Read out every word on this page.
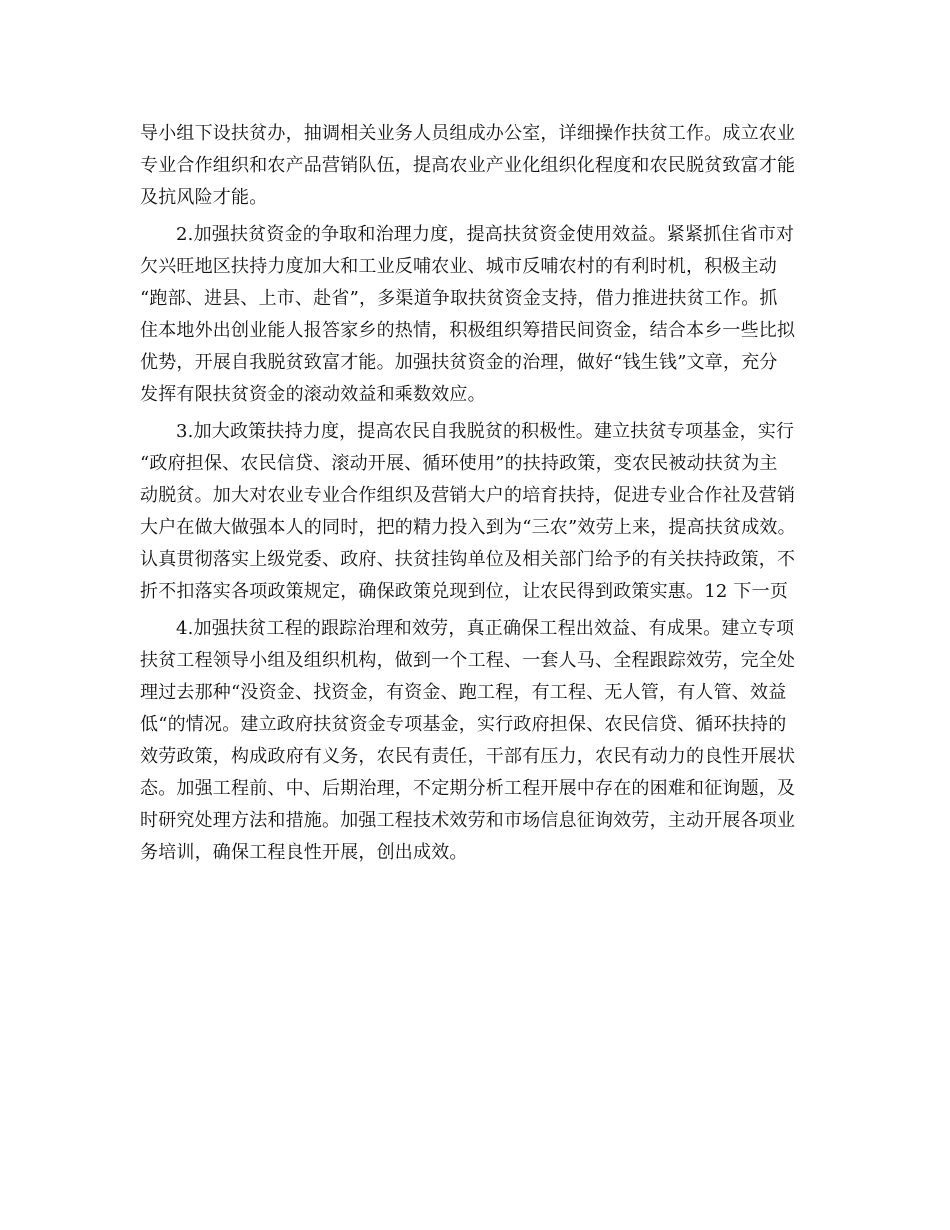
导小组下设扶贫办，抽调相关业务人员组成办公室，详细操作扶贫工作。成立农业
专业合作组织和农产品营销队伍，提高农业产业化组织化程度和农民脱贫致富才能
及抗风险才能。
2.加强扶贫资金的争取和治理力度，提高扶贫资金使用效益。紧紧抓住省市对
欠兴旺地区扶持力度加大和工业反哺农业、城市反哺农村的有利时机，积极主动
“跑部、进县、上市、赴省”，多渠道争取扶贫资金支持，借力推进扶贫工作。抓
住本地外出创业能人报答家乡的热情，积极组织筹措民间资金，结合本乡一些比拟
优势，开展自我脱贫致富才能。加强扶贫资金的治理，做好“钱生钱”文章，充分
发挥有限扶贫资金的滚动效益和乘数效应。
3.加大政策扶持力度，提高农民自我脱贫的积极性。建立扶贫专项基金，实行
“政府担保、农民信贷、滚动开展、循环使用”的扶持政策，变农民被动扶贫为主
动脱贫。加大对农业专业合作组织及营销大户的培育扶持，促进专业合作社及营销
大户在做大做强本人的同时，把的精力投入到为“三农”效劳上来，提高扶贫成效。
认真贯彻落实上级党委、政府、扶贫挂钩单位及相关部门给予的有关扶持政策，不
折不扣落实各项政策规定，确保政策兑现到位，让农民得到政策实惠。12 下一页
4.加强扶贫工程的跟踪治理和效劳，真正确保工程出效益、有成果。建立专项
扶贫工程领导小组及组织机构，做到一个工程、一套人马、全程跟踪效劳，完全处
理过去那种“没资金、找资金，有资金、跑工程，有工程、无人管，有人管、效益
低“的情况。建立政府扶贫资金专项基金，实行政府担保、农民信贷、循环扶持的
效劳政策，构成政府有义务，农民有责任，干部有压力，农民有动力的良性开展状
态。加强工程前、中、后期治理，不定期分析工程开展中存在的困难和征询题，及
时研究处理方法和措施。加强工程技术效劳和市场信息征询效劳，主动开展各项业
务培训，确保工程良性开展，创出成效。
